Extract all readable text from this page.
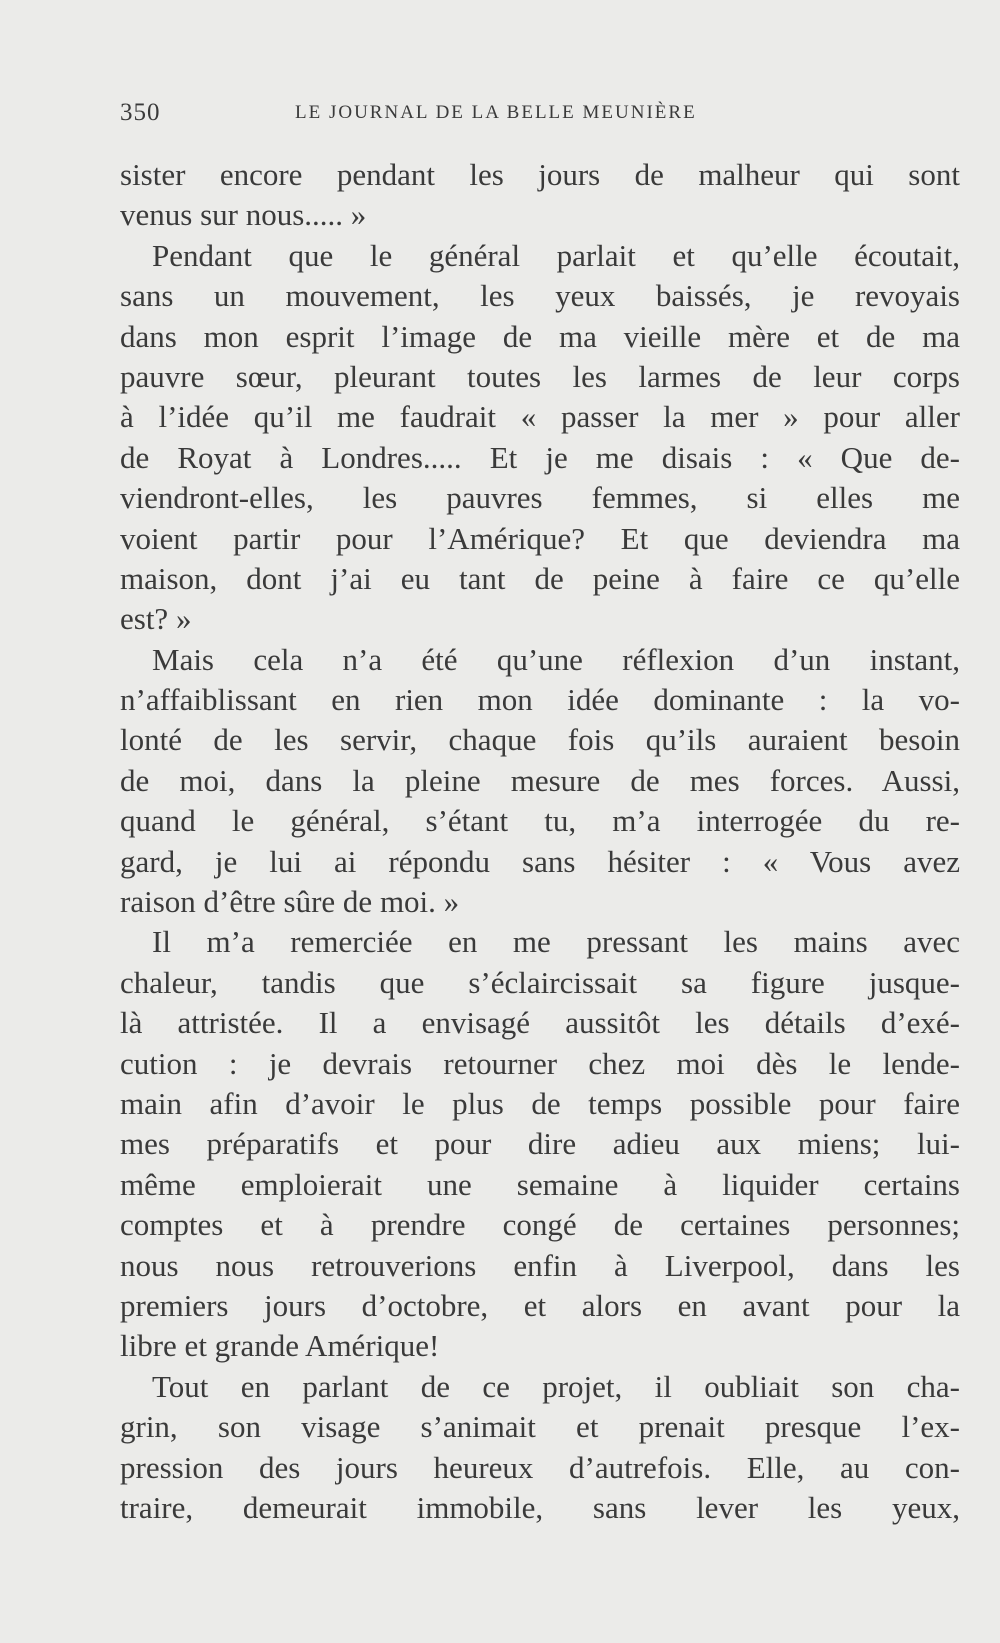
350	LE JOURNAL DE LA BELLE MEUNIÈRE
sister encore pendant les jours de malheur qui sont
venus sur nous..... »
Pendant que le général parlait et qu’elle écoutait,
sans un mouvement, les yeux baissés, je revoyais
dans mon esprit l’image de ma vieille mère et de ma
pauvre sœur, pleurant toutes les larmes de leur corps
à l’idée qu’il me faudrait « passer la mer » pour aller
de Royat à Londres..... Et je me disais : « Que de-
viendront-elles, les pauvres femmes, si elles me
voient partir pour l’Amérique? Et que deviendra ma
maison, dont j’ai eu tant de peine à faire ce qu’elle
est? »
Mais cela n’a été qu’une réflexion d’un instant,
n’affaiblissant en rien mon idée dominante : la vo-
lonté de les servir, chaque fois qu’ils auraient besoin
de moi, dans la pleine mesure de mes forces. Aussi,
quand le général, s’étant tu, m’a interrogée du re-
gard, je lui ai répondu sans hésiter : « Vous avez
raison d’être sûre de moi. »
Il m’a remerciée en me pressant les mains avec
chaleur, tandis que s’éclaircissait sa figure jusque-
là attristée. Il a envisagé aussitôt les détails d’exé-
cution : je devrais retourner chez moi dès le lende-
main afin d’avoir le plus de temps possible pour faire
mes préparatifs et pour dire adieu aux miens; lui-
même emploierait une semaine à liquider certains
comptes et à prendre congé de certaines personnes;
nous nous retrouverions enfin à Liverpool, dans les
premiers jours d’octobre, et alors en avant pour la
libre et grande Amérique!
Tout en parlant de ce projet, il oubliait son cha-
grin, son visage s’animait et prenait presque l’ex-
pression des jours heureux d’autrefois. Elle, au con-
traire, demeurait immobile, sans lever les yeux,
